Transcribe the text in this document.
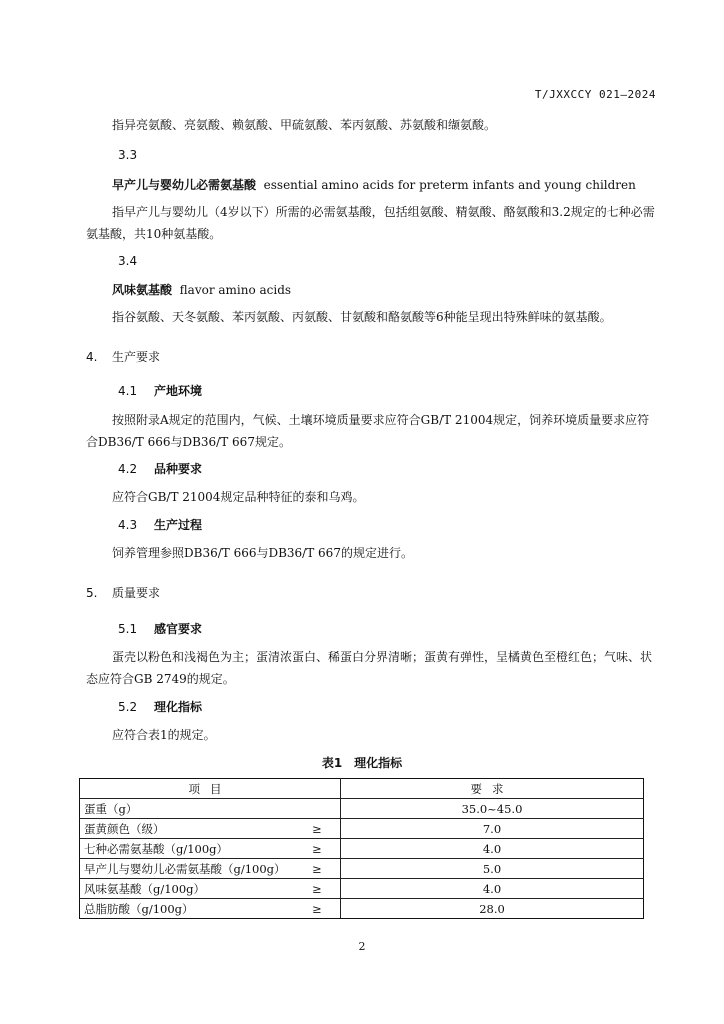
T/JXXCCY 021—2024
指异亮氨酸、亮氨酸、赖氨酸、甲硫氨酸、苯丙氨酸、苏氨酸和缬氨酸。
3.3
早产儿与婴幼儿必需氨基酸 essential amino acids for preterm infants and young children
指早产儿与婴幼儿（4岁以下）所需的必需氨基酸，包括组氨酸、精氨酸、酪氨酸和3.2规定的七种必需氨基酸，共10种氨基酸。
3.4
风味氨基酸 flavor amino acids
指谷氨酸、天冬氨酸、苯丙氨酸、丙氨酸、甘氨酸和酪氨酸等6种能呈现出特殊鲜味的氨基酸。
4. 生产要求
4.1 产地环境
按照附录A规定的范围内，气候、土壤环境质量要求应符合GB/T 21004规定，饲养环境质量要求应符合DB36/T 666与DB36/T 667规定。
4.2 品种要求
应符合GB/T 21004规定品种特征的泰和乌鸡。
4.3 生产过程
饲养管理参照DB36/T 666与DB36/T 667的规定进行。
5. 质量要求
5.1 感官要求
蛋壳以粉色和浅褐色为主；蛋清浓蛋白、稀蛋白分界清晰；蛋黄有弹性，呈橘黄色至橙红色；气味、状态应符合GB 2749的规定。
5.2 理化指标
应符合表1的规定。
表1　理化指标
项目		要求
蛋重（g）		35.0~45.0
蛋黄颜色（级）	≥	7.0
七种必需氨基酸（g/100g）	≥	4.0
早产儿与婴幼儿必需氨基酸（g/100g）	≥	5.0
风味氨基酸（g/100g）	≥	4.0
总脂肪酸（g/100g）	≥	28.0
2
